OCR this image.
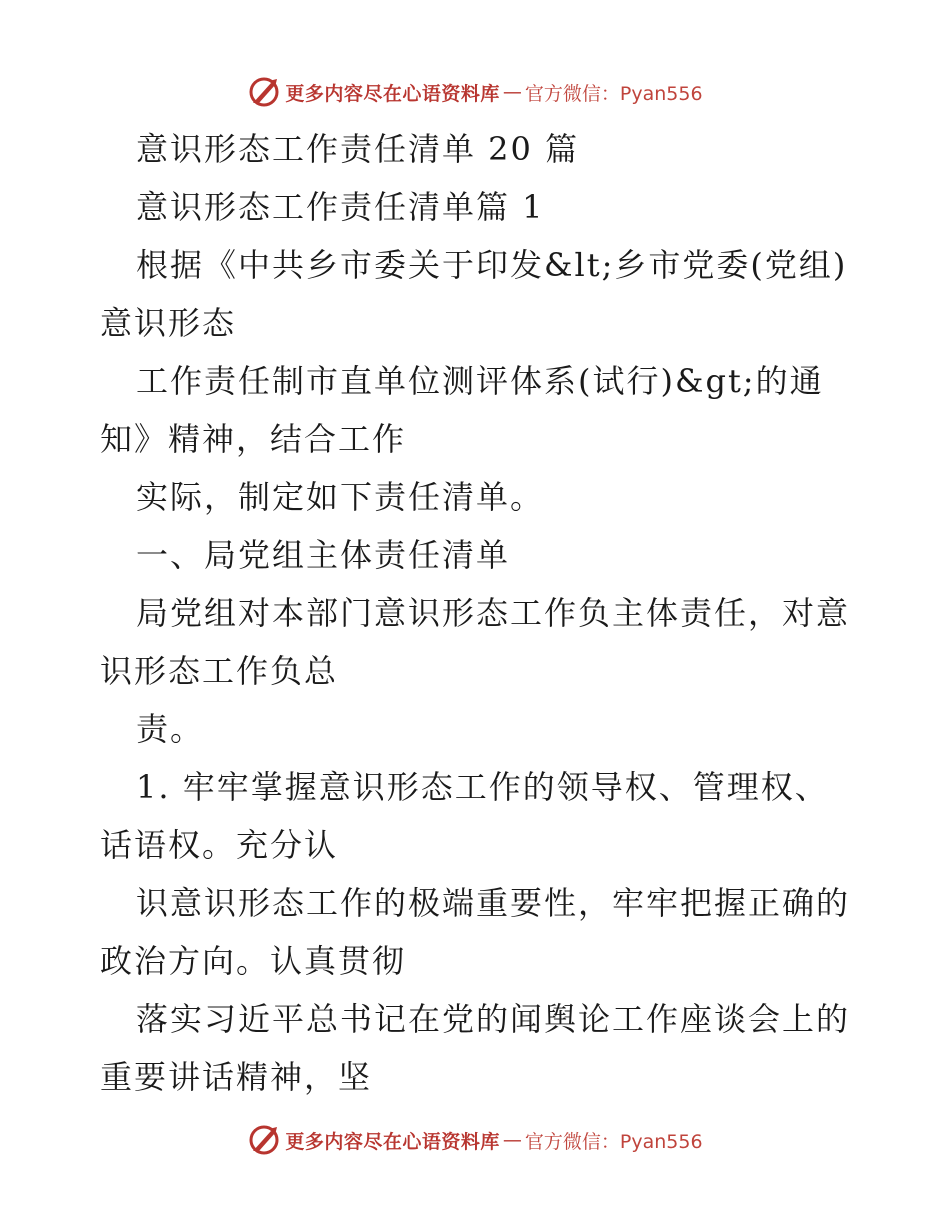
更多内容尽在心语资料库 — 官方微信：Pyan556
意识形态工作责任清单 20 篇
意识形态工作责任清单篇 1
根据《中共乡市委关于印发&lt;乡市党委(党组)
意识形态
工作责任制市直单位测评体系(试行)&gt;的通
知》精神，结合工作
实际，制定如下责任清单。
一、局党组主体责任清单
局党组对本部门意识形态工作负主体责任，对意
识形态工作负总
责。
1. 牢牢掌握意识形态工作的领导权、管理权、
话语权。充分认
识意识形态工作的极端重要性，牢牢把握正确的
政治方向。认真贯彻
落实习近平总书记在党的闻舆论工作座谈会上的
重要讲话精神，坚
更多内容尽在心语资料库 — 官方微信：Pyan556
